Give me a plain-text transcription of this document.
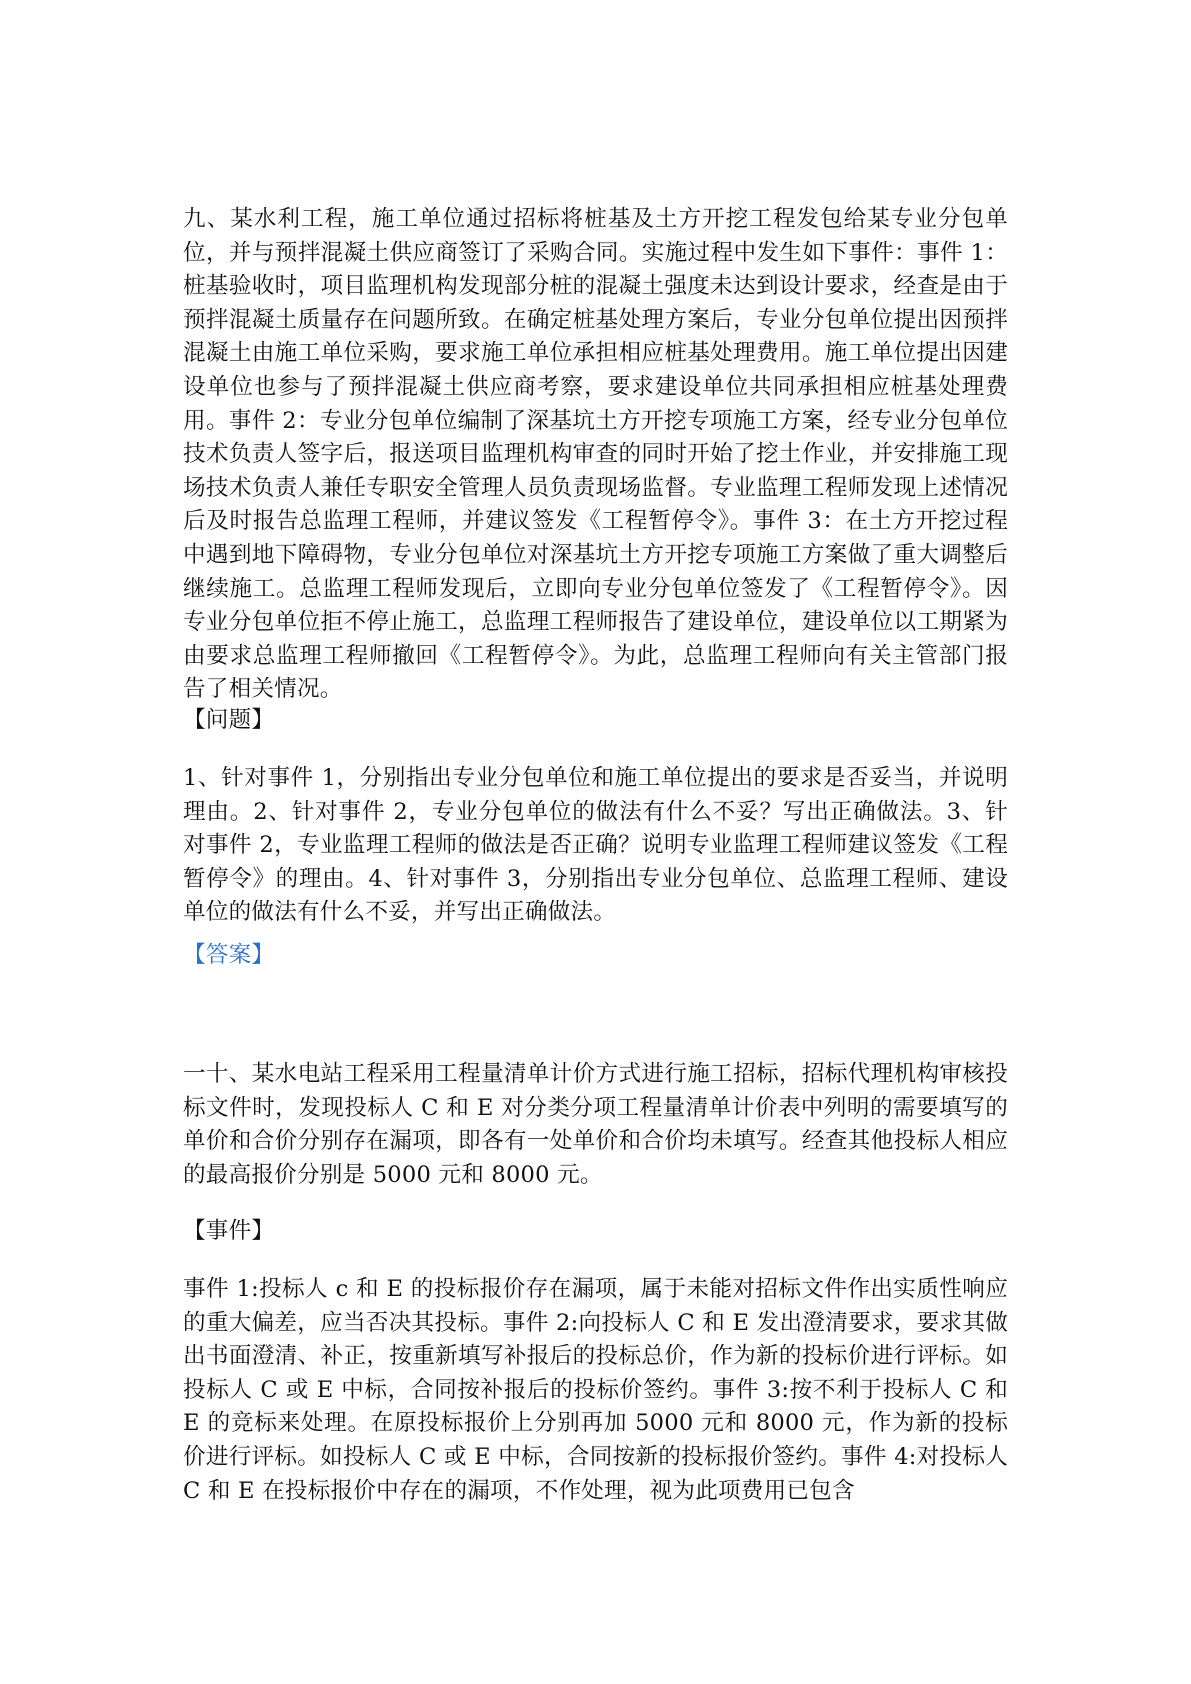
九、某水利工程，施工单位通过招标将桩基及土方开挖工程发包给某专业分包单位，并与预拌混凝土供应商签订了采购合同。实施过程中发生如下事件：事件 1：桩基验收时，项目监理机构发现部分桩的混凝土强度未达到设计要求，经查是由于预拌混凝土质量存在问题所致。在确定桩基处理方案后，专业分包单位提出因预拌混凝土由施工单位采购，要求施工单位承担相应桩基处理费用。施工单位提出因建设单位也参与了预拌混凝土供应商考察，要求建设单位共同承担相应桩基处理费用。事件 2：专业分包单位编制了深基坑土方开挖专项施工方案，经专业分包单位技术负责人签字后，报送项目监理机构审查的同时开始了挖土作业，并安排施工现场技术负责人兼任专职安全管理人员负责现场监督。专业监理工程师发现上述情况后及时报告总监理工程师，并建议签发《工程暂停令》。事件 3：在土方开挖过程中遇到地下障碍物，专业分包单位对深基坑土方开挖专项施工方案做了重大调整后继续施工。总监理工程师发现后，立即向专业分包单位签发了《工程暂停令》。因专业分包单位拒不停止施工，总监理工程师报告了建设单位，建设单位以工期紧为由要求总监理工程师撤回《工程暂停令》。为此，总监理工程师向有关主管部门报告了相关情况。

【问题】

1、针对事件 1，分别指出专业分包单位和施工单位提出的要求是否妥当，并说明理由。2、针对事件 2，专业分包单位的做法有什么不妥？写出正确做法。3、针对事件 2，专业监理工程师的做法是否正确？说明专业监理工程师建议签发《工程暂停令》的理由。4、针对事件 3，分别指出专业分包单位、总监理工程师、建设单位的做法有什么不妥，并写出正确做法。

【答案】

一十、某水电站工程采用工程量清单计价方式进行施工招标，招标代理机构审核投标文件时，发现投标人 C 和 E 对分类分项工程量清单计价表中列明的需要填写的单价和合价分别存在漏项，即各有一处单价和合价均未填写。经查其他投标人相应的最高报价分别是 5000 元和 8000 元。

【事件】

事件 1:投标人 c 和 E 的投标报价存在漏项，属于未能对招标文件作出实质性响应的重大偏差，应当否决其投标。事件 2:向投标人 C 和 E 发出澄清要求，要求其做出书面澄清、补正，按重新填写补报后的投标总价，作为新的投标价进行评标。如投标人 C 或 E 中标，合同按补报后的投标价签约。事件 3:按不利于投标人 C 和 E 的竞标来处理。在原投标报价上分别再加 5000 元和 8000 元，作为新的投标价进行评标。如投标人 C 或 E 中标，合同按新的投标报价签约。事件 4:对投标人 C 和 E 在投标报价中存在的漏项，不作处理，视为此项费用已包含
